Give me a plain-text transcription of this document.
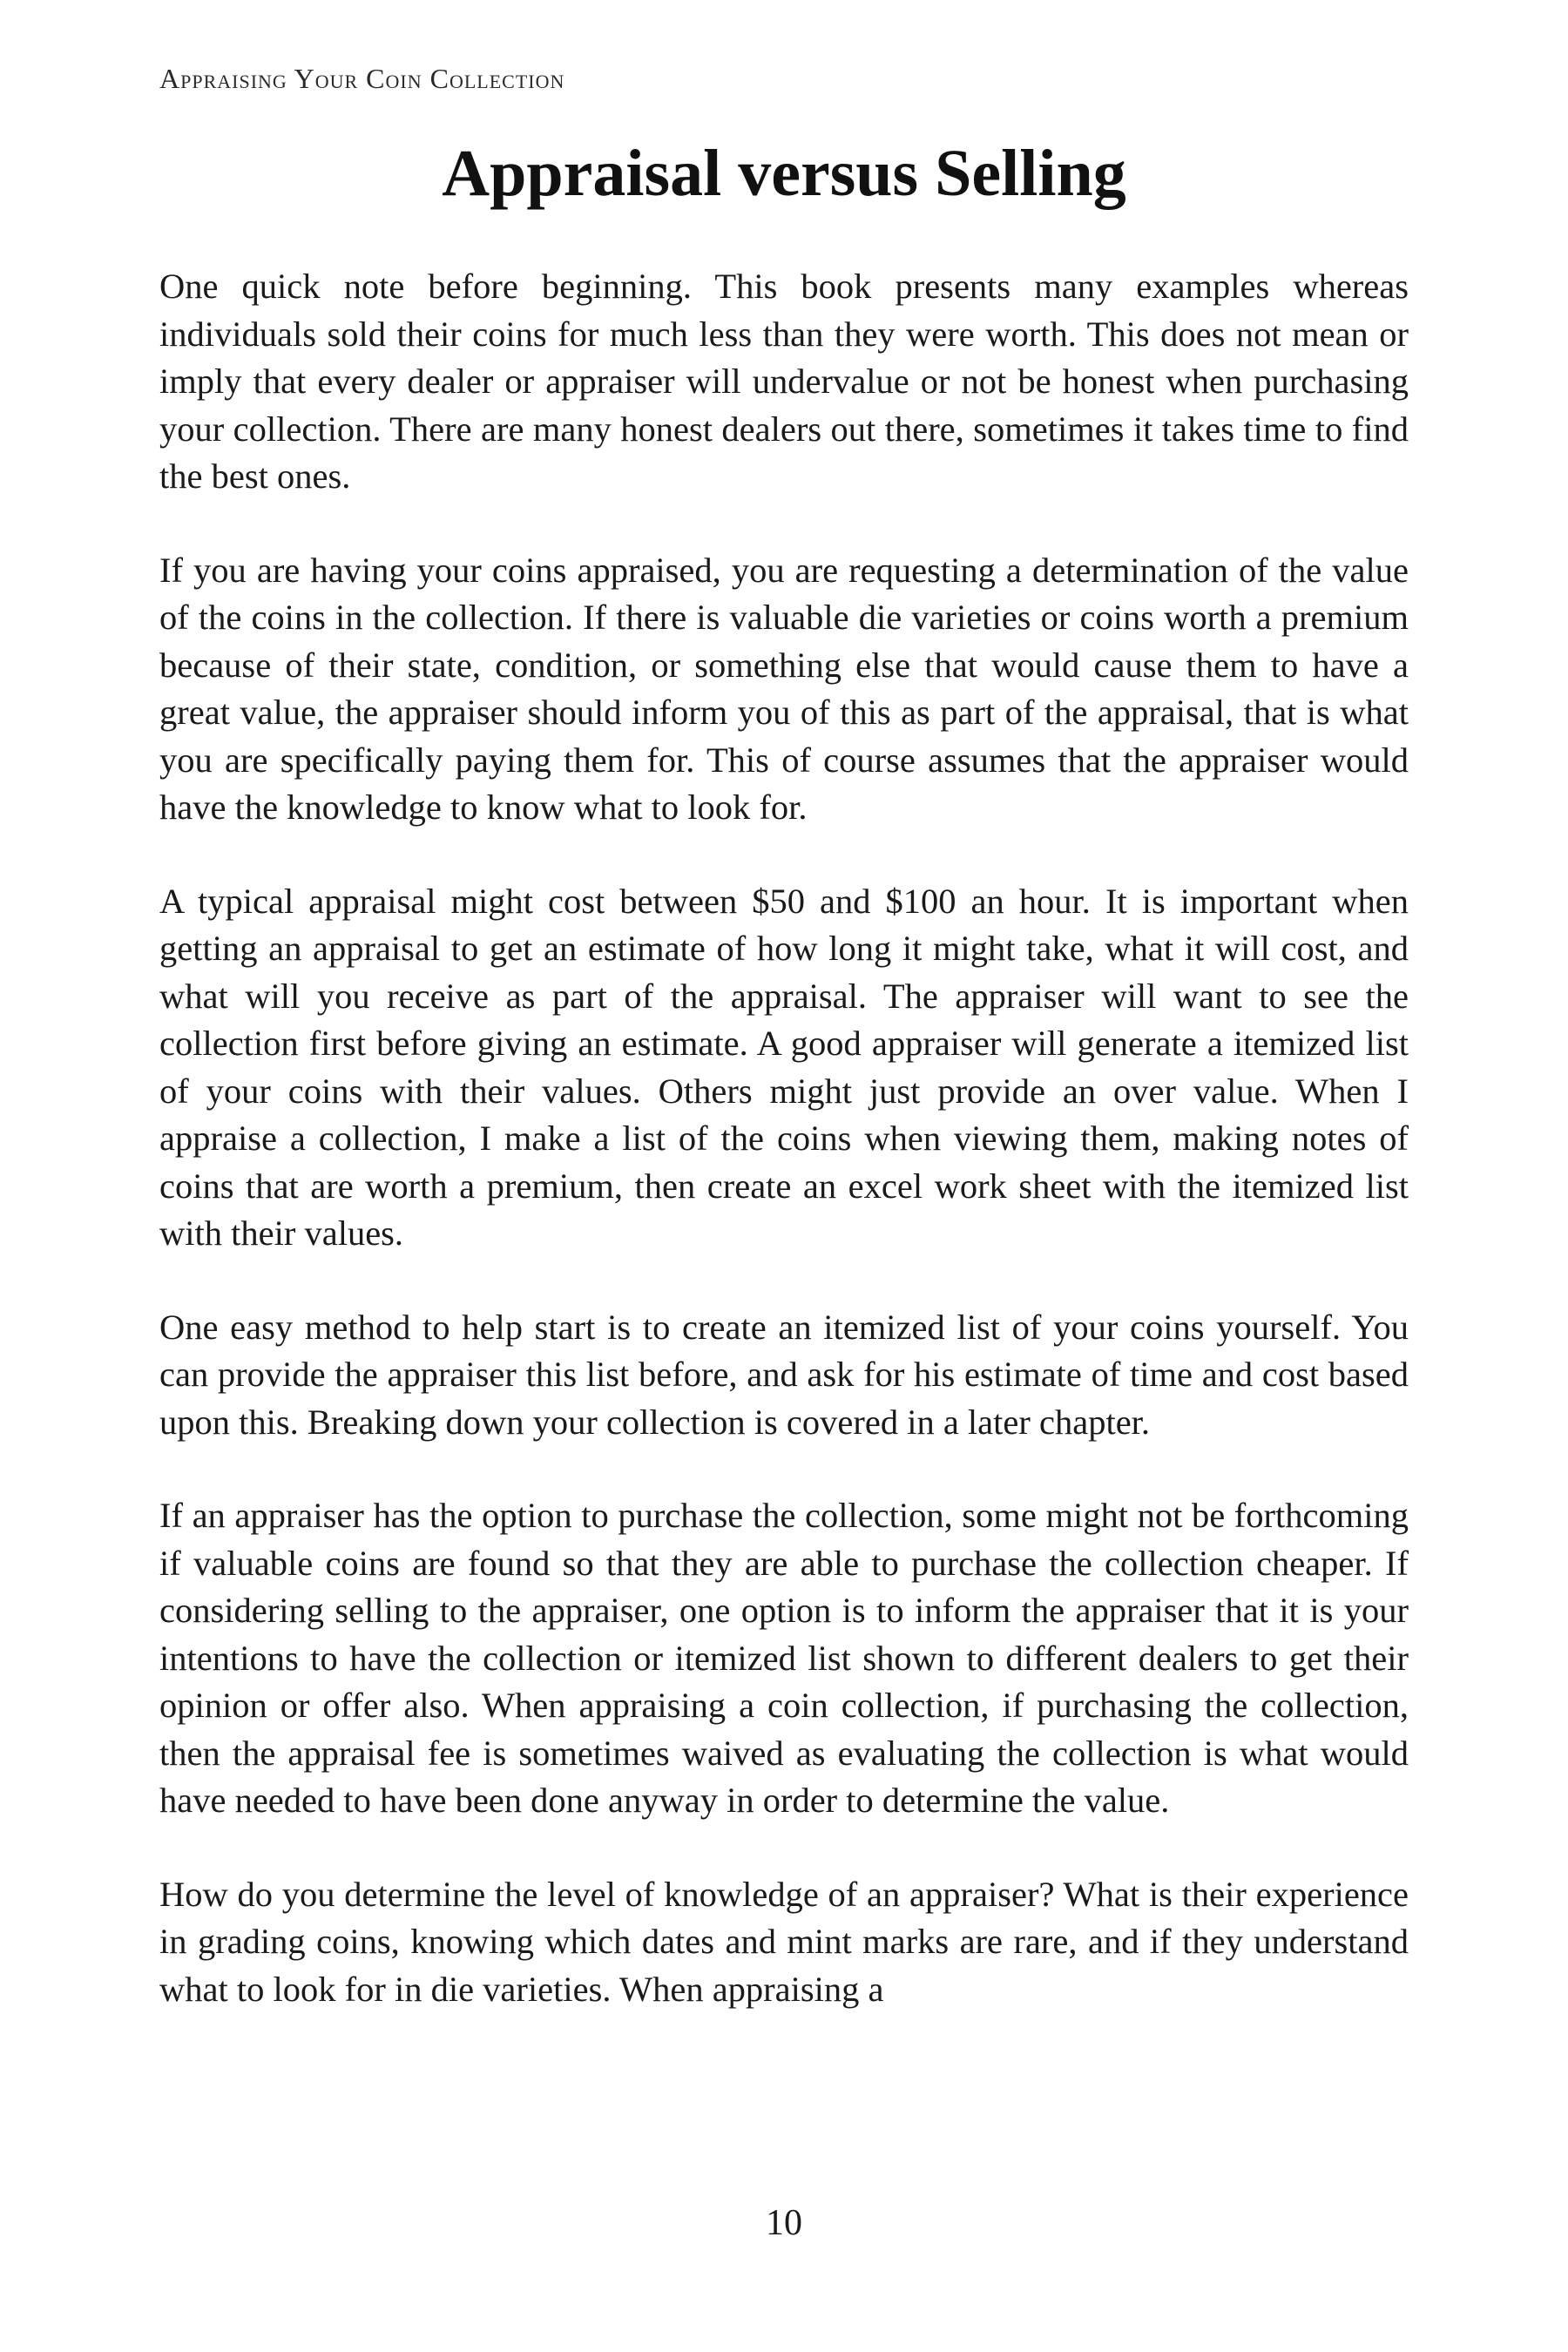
Appraising Your Coin Collection
Appraisal versus Selling

One quick note before beginning. This book presents many examples whereas individuals sold their coins for much less than they were worth. This does not mean or imply that every dealer or appraiser will undervalue or not be honest when purchasing your collection. There are many honest dealers out there, sometimes it takes time to find the best ones.

If you are having your coins appraised, you are requesting a determination of the value of the coins in the collection. If there is valuable die varieties or coins worth a premium because of their state, condition, or something else that would cause them to have a great value, the appraiser should inform you of this as part of the appraisal, that is what you are specifically paying them for. This of course assumes that the appraiser would have the knowledge to know what to look for.

A typical appraisal might cost between $50 and $100 an hour. It is important when getting an appraisal to get an estimate of how long it might take, what it will cost, and what will you receive as part of the appraisal. The appraiser will want to see the collection first before giving an estimate. A good appraiser will generate a itemized list of your coins with their values. Others might just provide an over value. When I appraise a collection, I make a list of the coins when viewing them, making notes of coins that are worth a premium, then create an excel work sheet with the itemized list with their values.

One easy method to help start is to create an itemized list of your coins yourself. You can provide the appraiser this list before, and ask for his estimate of time and cost based upon this. Breaking down your collection is covered in a later chapter.

If an appraiser has the option to purchase the collection, some might not be forthcoming if valuable coins are found so that they are able to purchase the collection cheaper. If considering selling to the appraiser, one option is to inform the appraiser that it is your intentions to have the collection or itemized list shown to different dealers to get their opinion or offer also. When appraising a coin collection, if purchasing the collection, then the appraisal fee is sometimes waived as evaluating the collection is what would have needed to have been done anyway in order to determine the value.

How do you determine the level of knowledge of an appraiser? What is their experience in grading coins, knowing which dates and mint marks are rare, and if they understand what to look for in die varieties. When appraising a

10
